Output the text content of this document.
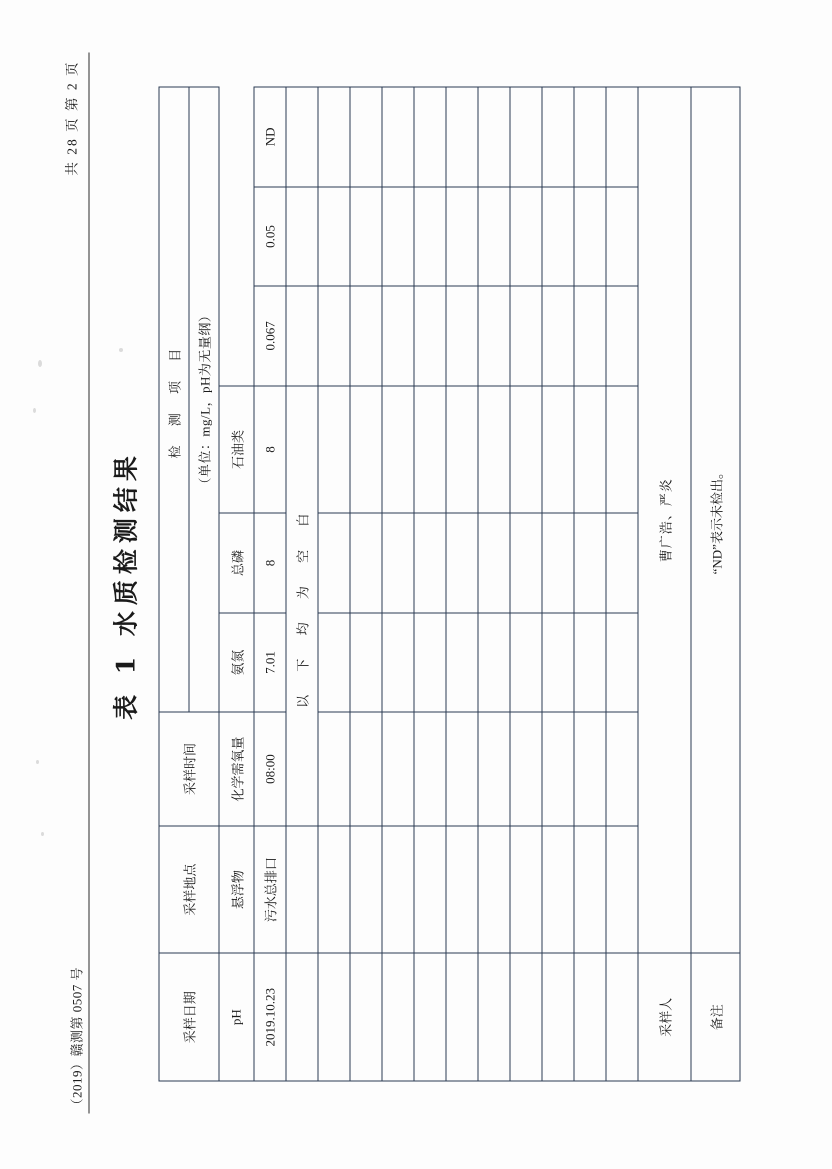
（2019）赣测第 0507 号
共 28 页 第 2 页
表 1 水质检测结果
采样日期	采样地点	采样时间	检 测 项 目					
			（单位：mg/L，pH为无量纲）					
pH	悬浮物	化学需氧量	氨氮	总磷	石油类			
2019.10.23	污水总排口	08:00	7.01	8	8	0.067	0.05	ND
		以 下 均 为 空 白						

采样人	曹广浩、严炎							
备注	“ND”表示未检出。							
